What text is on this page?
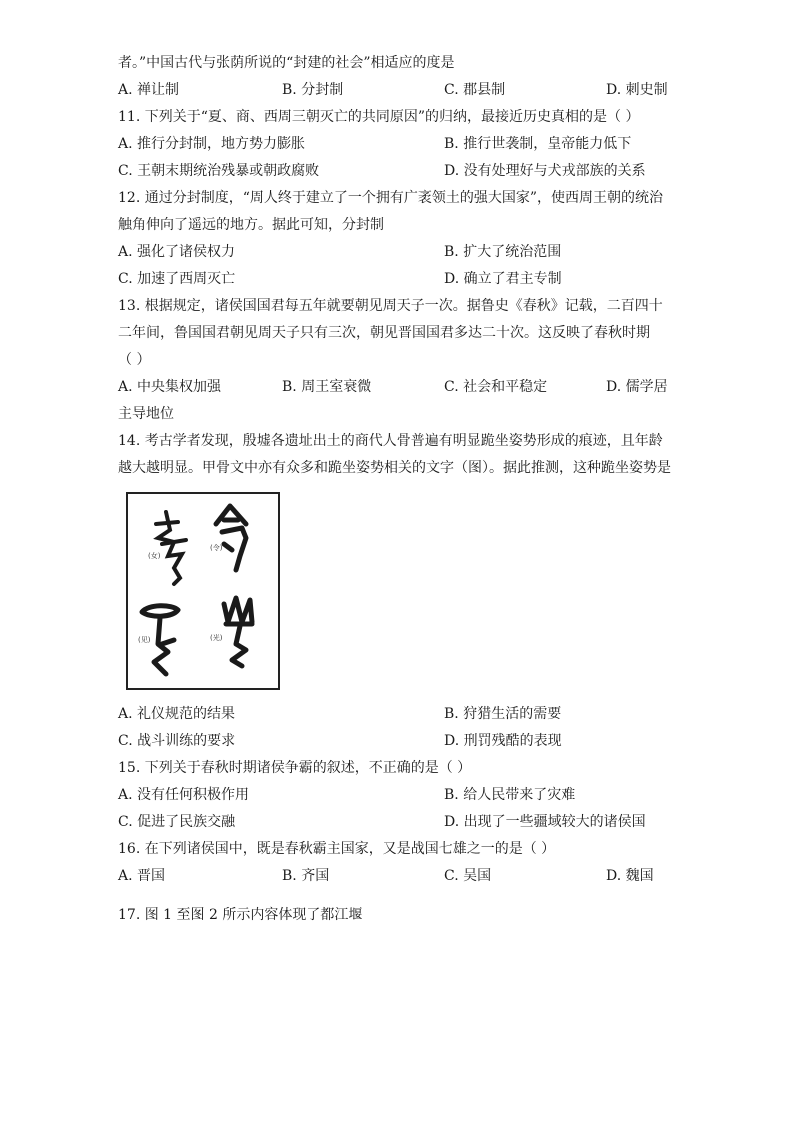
者。”中国古代与张荫所说的“封建的社会”相适应的度是
A. 禅让制	B. 分封制	C. 郡县制	D. 刺史制
11. 下列关于“夏、商、西周三朝灭亡的共同原因”的归纳，最接近历史真相的是（ ）
A. 推行分封制，地方势力膨胀	B. 推行世袭制，皇帝能力低下
C. 王朝末期统治残暴或朝政腐败	D. 没有处理好与犬戎部族的关系
12. 通过分封制度，“周人终于建立了一个拥有广袤领土的强大国家”，使西周王朝的统治
触角伸向了遥远的地方。据此可知，分封制
A. 强化了诸侯权力	B. 扩大了统治范围
C. 加速了西周灭亡	D. 确立了君主专制
13. 根据规定，诸侯国国君每五年就要朝见周天子一次。据鲁史《春秋》记载，二百四十
二年间，鲁国国君朝见周天子只有三次，朝见晋国国君多达二十次。这反映了春秋时期
（ ）
A. 中央集权加强	B. 周王室衰微	C. 社会和平稳定	D. 儒学居
主导地位
14. 考古学者发现，殷墟各遗址出土的商代人骨普遍有明显跪坐姿势形成的痕迹，且年龄
越大越明显。甲骨文中亦有众多和跪坐姿势相关的文字（图）。据此推测，这种跪坐姿势是
(女)
(令)
(见)	(光)
A. 礼仪规范的结果	B. 狩猎生活的需要
C. 战斗训练的要求	D. 刑罚残酷的表现
15. 下列关于春秋时期诸侯争霸的叙述，不正确的是（ ）
A. 没有任何积极作用	B. 给人民带来了灾难
C. 促进了民族交融	D. 出现了一些疆域较大的诸侯国
16. 在下列诸侯国中，既是春秋霸主国家，又是战国七雄之一的是（ ）
A. 晋国	B. 齐国	C. 吴国	D. 魏国
17. 图 1 至图 2 所示内容体现了都江堰
